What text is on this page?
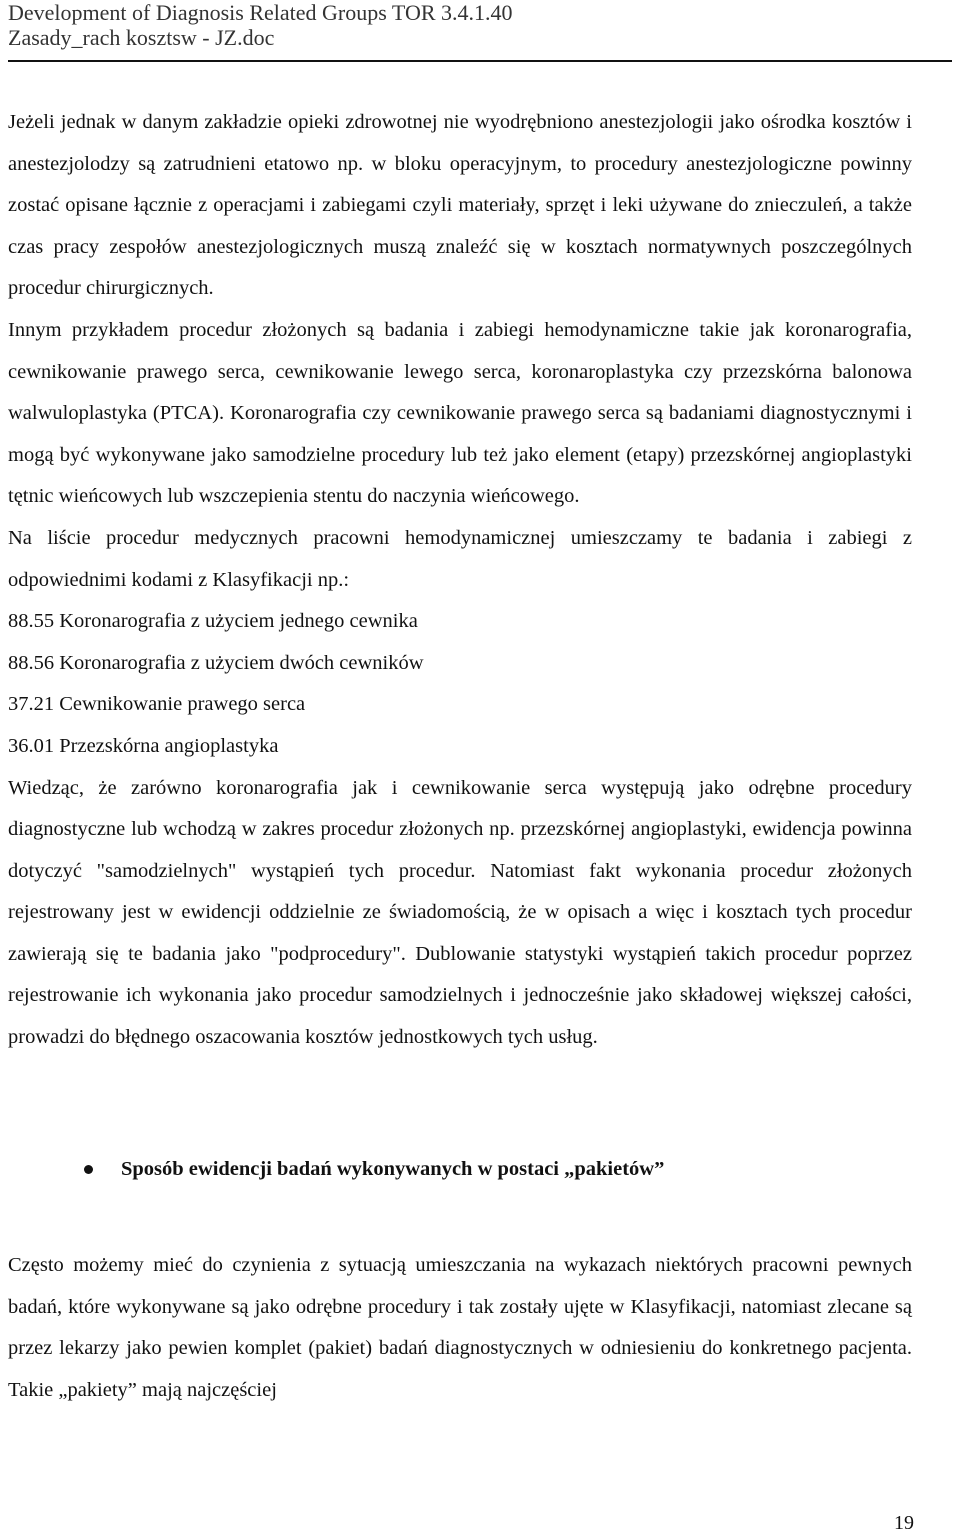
Development of Diagnosis Related Groups TOR 3.4.1.40
Zasady_rach kosztsw - JZ.doc

Jeżeli jednak w danym zakładzie opieki zdrowotnej nie wyodrębniono anestezjologii jako ośrodka kosztów i anestezjolodzy są zatrudnieni etatowo np. w bloku operacyjnym, to procedury anestezjologiczne powinny zostać opisane łącznie z operacjami i zabiegami czyli materiały, sprzęt i leki używane do znieczuleń, a także czas pracy zespołów anestezjologicznych muszą znaleźć się w kosztach normatywnych poszczególnych procedur chirurgicznych.

Innym przykładem procedur złożonych są badania i zabiegi hemodynamiczne takie jak koronarografia, cewnikowanie prawego serca, cewnikowanie lewego serca, koronaroplastyka czy przezskórna balonowa walwuloplastyka (PTCA). Koronarografia czy cewnikowanie prawego serca są badaniami diagnostycznymi i mogą być wykonywane jako samodzielne procedury lub też jako element (etapy) przezskórnej angioplastyki tętnic wieńcowych lub wszczepienia stentu do naczynia wieńcowego.

Na liście procedur medycznych pracowni hemodynamicznej umieszczamy te badania i zabiegi z odpowiednimi kodami z Klasyfikacji np.:

88.55 Koronarografia z użyciem jednego cewnika

88.56 Koronarografia z użyciem dwóch cewników

37.21 Cewnikowanie prawego serca

36.01 Przezskórna angioplastyka

Wiedząc, że zarówno koronarografia jak i cewnikowanie serca występują jako odrębne procedury diagnostyczne lub wchodzą w zakres procedur złożonych np. przezskórnej angioplastyki, ewidencja powinna dotyczyć "samodzielnych" wystąpień tych procedur. Natomiast fakt wykonania procedur złożonych rejestrowany jest w ewidencji oddzielnie ze świadomością, że w opisach a więc i kosztach tych procedur zawierają się te badania jako "podprocedury". Dublowanie statystyki wystąpień takich procedur poprzez rejestrowanie ich wykonania jako procedur samodzielnych i jednocześnie jako składowej większej całości, prowadzi do błędnego oszacowania kosztów jednostkowych tych usług.

Sposób ewidencji badań wykonywanych w postaci „pakietów”

Często możemy mieć do czynienia z sytuacją umieszczania na wykazach niektórych pracowni pewnych badań, które wykonywane są jako odrębne procedury i tak zostały ujęte w Klasyfikacji, natomiast zlecane są przez lekarzy jako pewien komplet (pakiet) badań diagnostycznych w odniesieniu do konkretnego pacjenta. Takie „pakiety” mają najczęściej

19
